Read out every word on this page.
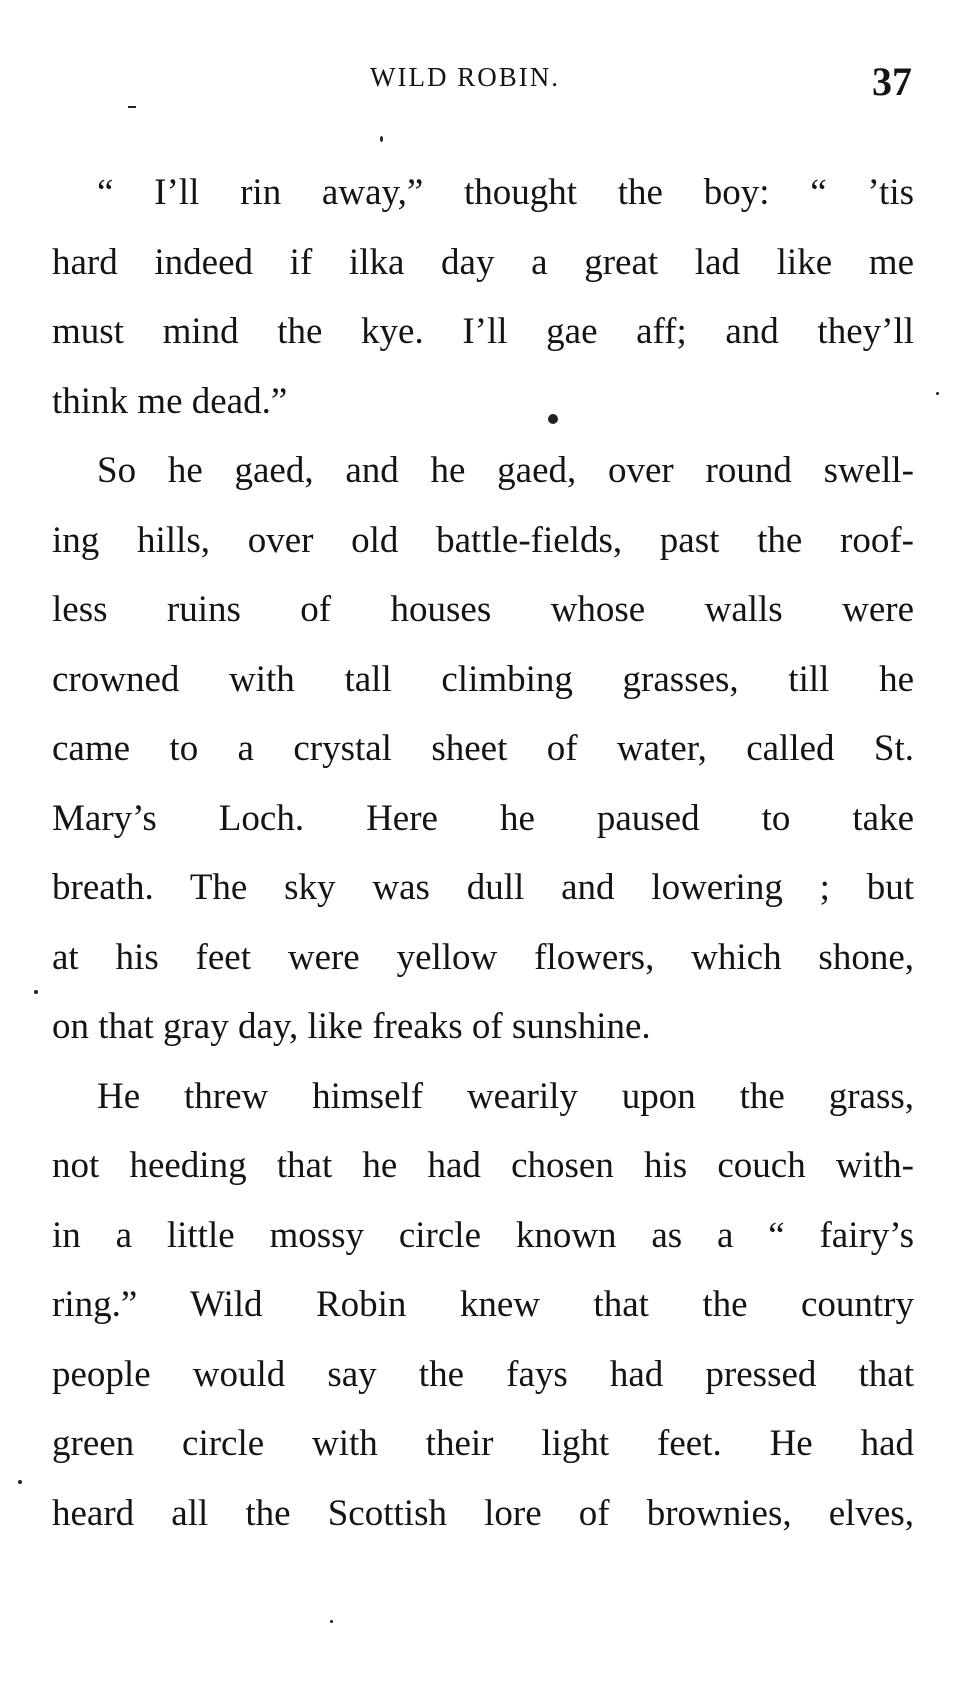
WILD ROBIN.	37
“ I’ll rin away,” thought the boy: “ ’tis
hard indeed if ilka day a great lad like me
must mind the kye. I’ll gae aff; and they’ll
think me dead.”
So he gaed, and he gaed, over round swell-
ing hills, over old battle-fields, past the roof-
less ruins of houses whose walls were
crowned with tall climbing grasses, till he
came to a crystal sheet of water, called St.
Mary’s Loch. Here he paused to take
breath. The sky was dull and lowering ; but
at his feet were yellow flowers, which shone,
on that gray day, like freaks of sunshine.
He threw himself wearily upon the grass,
not heeding that he had chosen his couch with-
in a little mossy circle known as a “ fairy’s
ring.” Wild Robin knew that the country
people would say the fays had pressed that
green circle with their light feet. He had
heard all the Scottish lore of brownies, elves,
